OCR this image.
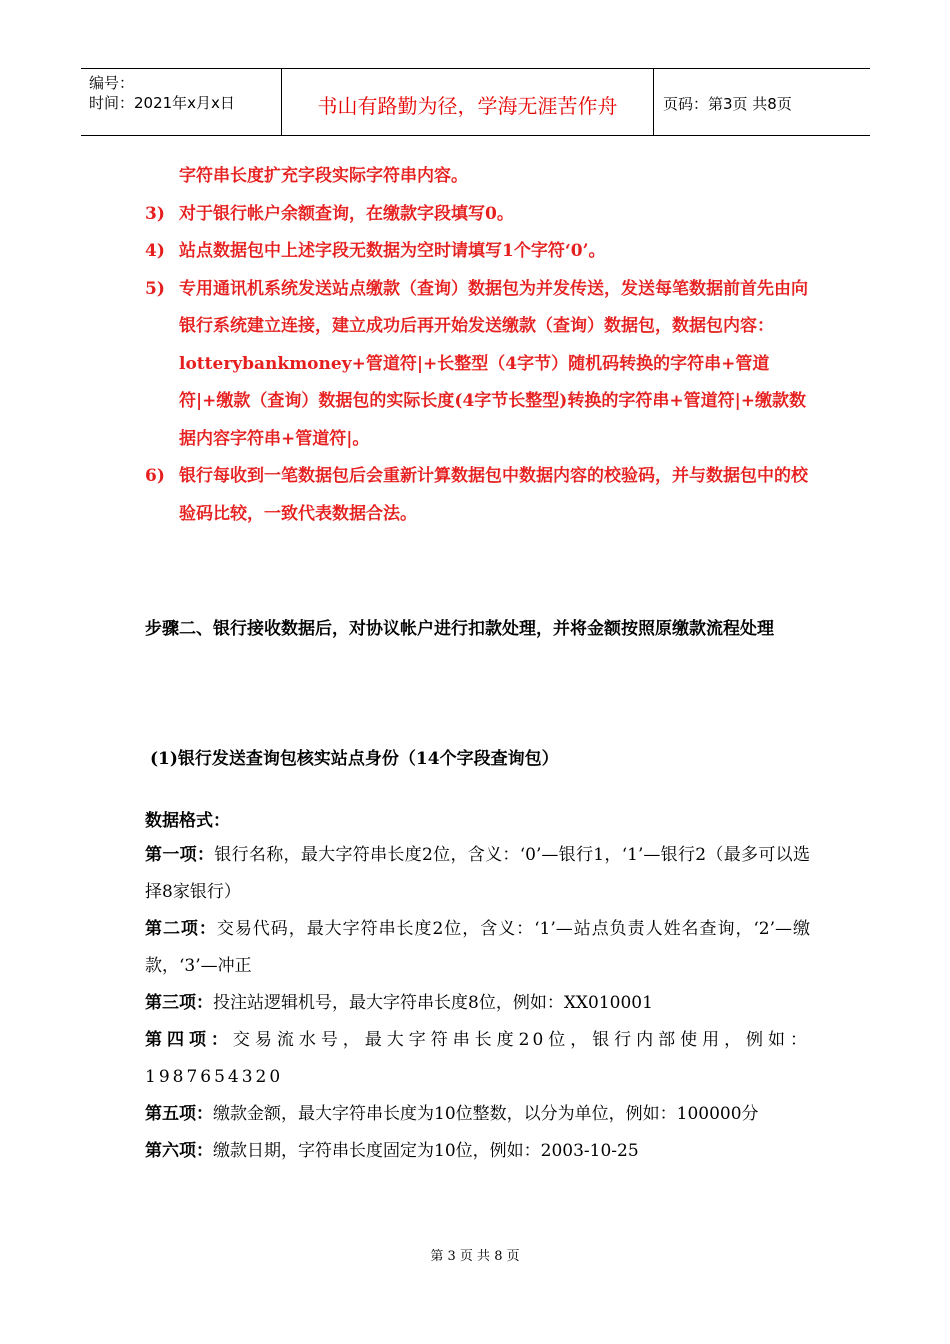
编号：
时间：2021年x月x日	书山有路勤为径，学海无涯苦作舟	页码：第3页 共8页
字符串长度扩充字段实际字符串内容。
3) 对于银行帐户余额查询，在缴款字段填写0。
4) 站点数据包中上述字段无数据为空时请填写1个字符‘0’。
5) 专用通讯机系统发送站点缴款（查询）数据包为并发传送，发送每笔数据前首先由向银行系统建立连接，建立成功后再开始发送缴款（查询）数据包，数据包内容：lotterybankmoney+管道符|+长整型（4字节）随机码转换的字符串+管道符|+缴款（查询）数据包的实际长度(4字节长整型)转换的字符串+管道符|+缴款数据内容字符串+管道符|。
6) 银行每收到一笔数据包后会重新计算数据包中数据内容的校验码，并与数据包中的校验码比较，一致代表数据合法。
步骤二、银行接收数据后，对协议帐户进行扣款处理，并将金额按照原缴款流程处理
(1)银行发送查询包核实站点身份（14个字段查询包）
数据格式：
第一项：银行名称，最大字符串长度2位，含义：‘0’—银行1，‘1’—银行2（最多可以选择8家银行）
第二项：交易代码，最大字符串长度2位，含义：‘1’—站点负责人姓名查询，‘2’—缴款，‘3’—冲正
第三项：投注站逻辑机号，最大字符串长度8位，例如：XX010001
第四项：交易流水号，最大字符串长度20位，银行内部使用，例如：1987654320
第五项：缴款金额，最大字符串长度为10位整数，以分为单位，例如：100000分
第六项：缴款日期，字符串长度固定为10位，例如：2003-10-25
第 3 页 共 8 页
